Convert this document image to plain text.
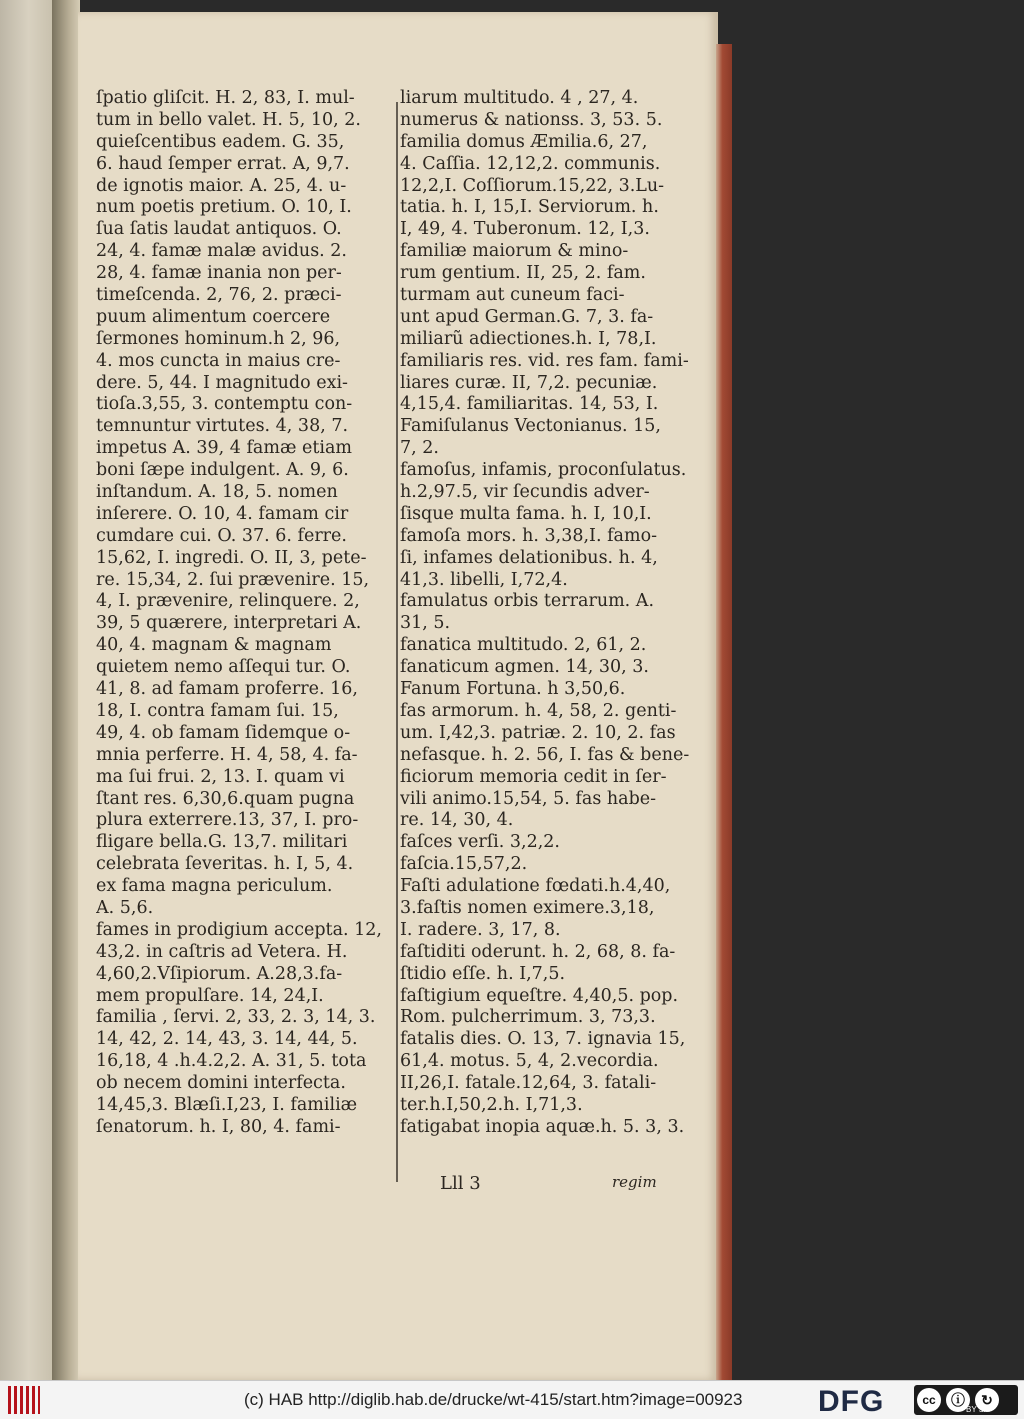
ſpatio gliſcit. H. 2, 83, I. mul-
tum in bello valet. H. 5, 10, 2.
quieſcentibus eadem. G. 35,
6. haud ſemper errat. A, 9,7.
de ignotis maior. A. 25, 4. u-
num poetis pretium. O. 10, I.
ſua ſatis laudat antiquos. O.
24, 4. famæ malæ avidus. 2.
28, 4. famæ inania non per-
timeſcenda. 2, 76, 2. præci-
puum alimentum coercere
ſermones hominum.h 2, 96,
4. mos cuncta in maius cre-
dere. 5, 44. I magnitudo exi-
tioſa.3,55, 3. contemptu con-
temnuntur virtutes. 4, 38, 7.
impetus A. 39, 4 famæ etiam
boni ſæpe indulgent. A. 9, 6.
inſtandum. A. 18, 5. nomen
inſerere. O. 10, 4. famam cir
cumdare cui. O. 37. 6. ferre.
15,62, I. ingredi. O. II, 3, pete-
re. 15,34, 2. ſui prævenire. 15,
4, I. prævenire, relinquere. 2,
39, 5 quærere, interpretari A.
40, 4. magnam & magnam
quietem nemo aſſequi tur. O.
41, 8. ad famam proferre. 16,
18, I. contra famam ſui. 15,
49, 4. ob famam ſidemque o-
mnia perferre. H. 4, 58, 4. fa-
ma ſui frui. 2, 13. I. quam vi
ſtant res. 6,30,6.quam pugna
plura exterrere.13, 37, I. pro-
fligare bella.G. 13,7. militari
celebrata ſeveritas. h. I, 5, 4.
ex fama magna periculum.
A. 5,6.
fames in prodigium accepta. 12,
43,2. in caſtris ad Vetera. H.
4,60,2.Vſipiorum. A.28,3.fa-
mem propulſare. 14, 24,I.
familia , ſervi. 2, 33, 2. 3, 14, 3.
14, 42, 2. 14, 43, 3. 14, 44, 5.
16,18, 4 .h.4.2,2. A. 31, 5. tota
ob necem domini interfecta.
14,45,3. Blæſi.I,23, I. familiæ
ſenatorum. h. I, 80, 4. fami-
liarum multitudo. 4 , 27, 4.
numerus & nationss. 3, 53. 5.
familia domus Æmilia.6, 27,
4. Caſſia. 12,12,2. communis.
12,2,I. Coſſiorum.15,22, 3.Lu-
tatia. h. I, 15,I. Serviorum. h.
I, 49, 4. Tuberonum. 12, I,3.
familiæ maiorum & mino-
rum gentium. II, 25, 2. fam.
turmam aut cuneum faci-
unt apud German.G. 7, 3. fa-
miliarũ adiectiones.h. I, 78,I.
familiaris res. vid. res fam. fami-
liares curæ. II, 7,2. pecuniæ.
4,15,4. familiaritas. 14, 53, I.
Famiſulanus Vectonianus. 15,
7, 2.
famoſus, infamis, proconſulatus.
h.2,97.5, vir ſecundis adver-
ſisque multa fama. h. I, 10,I.
famoſa mors. h. 3,38,I. famo-
ſi, infames delationibus. h. 4,
41,3. libelli, I,72,4.
famulatus orbis terrarum. A.
31, 5.
fanatica multitudo. 2, 61, 2.
fanaticum agmen. 14, 30, 3.
Fanum Fortuna. h 3,50,6.
fas armorum. h. 4, 58, 2. genti-
um. I,42,3. patriæ. 2. 10, 2. fas
nefasque. h. 2. 56, I. fas & bene-
ficiorum memoria cedit in ſer-
vili animo.15,54, 5. fas habe-
re. 14, 30, 4.
faſces verſi. 3,2,2.
faſcia.15,57,2.
Faſti adulatione fœdati.h.4,40,
3.faſtis nomen eximere.3,18,
I. radere. 3, 17, 8.
faſtiditi oderunt. h. 2, 68, 8. fa-
ſtidio eſſe. h. I,7,5.
faſtigium equeſtre. 4,40,5. pop.
Rom. pulcherrimum. 3, 73,3.
fatalis dies. O. 13, 7. ignavia 15,
61,4. motus. 5, 4, 2.vecordia.
II,26,I. fatale.12,64, 3. fatali-
ter.h.I,50,2.h. I,71,3.
fatigabat inopia aquæ.h. 5. 3, 3.
Lll 3	regim
(c) HAB http://diglib.hab.de/drucke/wt-415/start.htm?image=00923	DFG	cc	ⓘ	↻
BY SA
